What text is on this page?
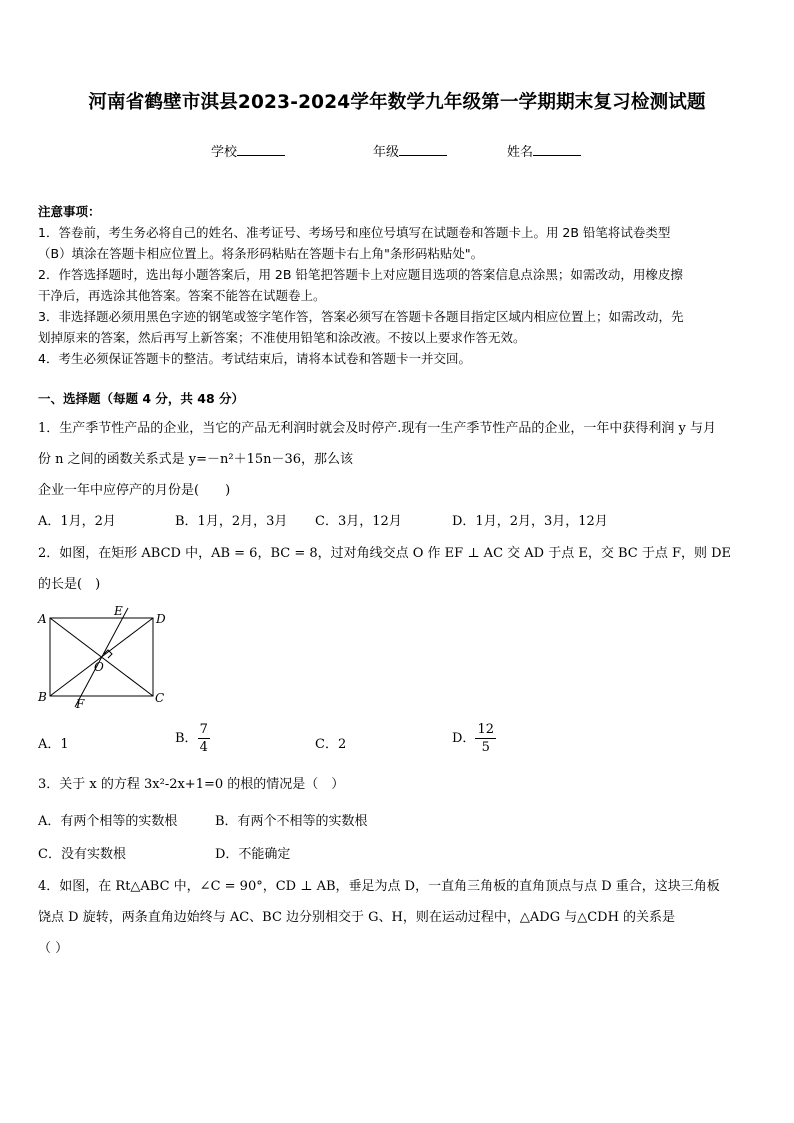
河南省鹤壁市淇县2023-2024学年数学九年级第一学期期末复习检测试题
学校	年级	姓名
注意事项：
1．答卷前，考生务必将自己的姓名、准考证号、考场号和座位号填写在试题卷和答题卡上。用 2B 铅笔将试卷类型
（B）填涂在答题卡相应位置上。将条形码粘贴在答题卡右上角"条形码粘贴处"。
2．作答选择题时，选出每小题答案后，用 2B 铅笔把答题卡上对应题目选项的答案信息点涂黑；如需改动，用橡皮擦
干净后，再选涂其他答案。答案不能答在试题卷上。
3．非选择题必须用黑色字迹的钢笔或签字笔作答，答案必须写在答题卡各题目指定区域内相应位置上；如需改动，先
划掉原来的答案，然后再写上新答案；不准使用铅笔和涂改液。不按以上要求作答无效。
4．考生必须保证答题卡的整洁。考试结束后，请将本试卷和答题卡一并交回。
一、选择题（每题 4 分，共 48 分）
1．生产季节性产品的企业，当它的产品无利润时就会及时停产.现有一生产季节性产品的企业，一年中获得利润 y 与月
份 n 之间的函数关系式是 y=－n²＋15n－36，那么该
企业一年中应停产的月份是(　　)
A．1月，2月	B．1月，2月，3月 C．3月，12月	D．1月，2月，3月，12月
2．如图，在矩形 ABCD 中，AB = 6，BC = 8，过对角线交点 O 作 EF ⊥ AC 交 AD 于点 E，交 BC 于点 F，则 DE
的长是(　)
A
B	C
D
E
F
O
A．1	B． $\frac{7}{4}$	C．2	D． $\frac{12}{5}$
3．关于 x 的方程 3x²-2x+1=0 的根的情况是（　）
A．有两个相等的实数根	B．有两个不相等的实数根
C．没有实数根	D．不能确定
4．如图，在 Rt△ABC 中，∠C = 90°，CD ⊥ AB，垂足为点 D，一直角三角板的直角顶点与点 D 重合，这块三角板
饶点 D 旋转，两条直角边始终与 AC、BC 边分别相交于 G、H，则在运动过程中，△ADG 与△CDH 的关系是
（ ）
